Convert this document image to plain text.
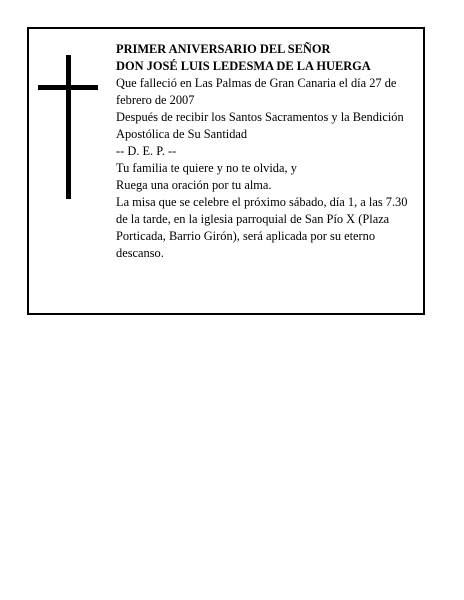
PRIMER ANIVERSARIO DEL SEÑOR

DON JOSÉ LUIS LEDESMA DE LA HUERGA

Que falleció en Las Palmas de Gran Canaria el día 27 de febrero de 2007

Después de recibir los Santos Sacramentos y la Bendición Apostólica de Su Santidad

-- D. E. P. --

Tu familia te quiere y no te olvida, y

Ruega una oración por tu alma.

La misa que se celebre el próximo sábado, día 1, a las 7.30 de la tarde, en la iglesia parroquial de San Pío X (Plaza Porticada, Barrio Girón), será aplicada por su eterno descanso.
